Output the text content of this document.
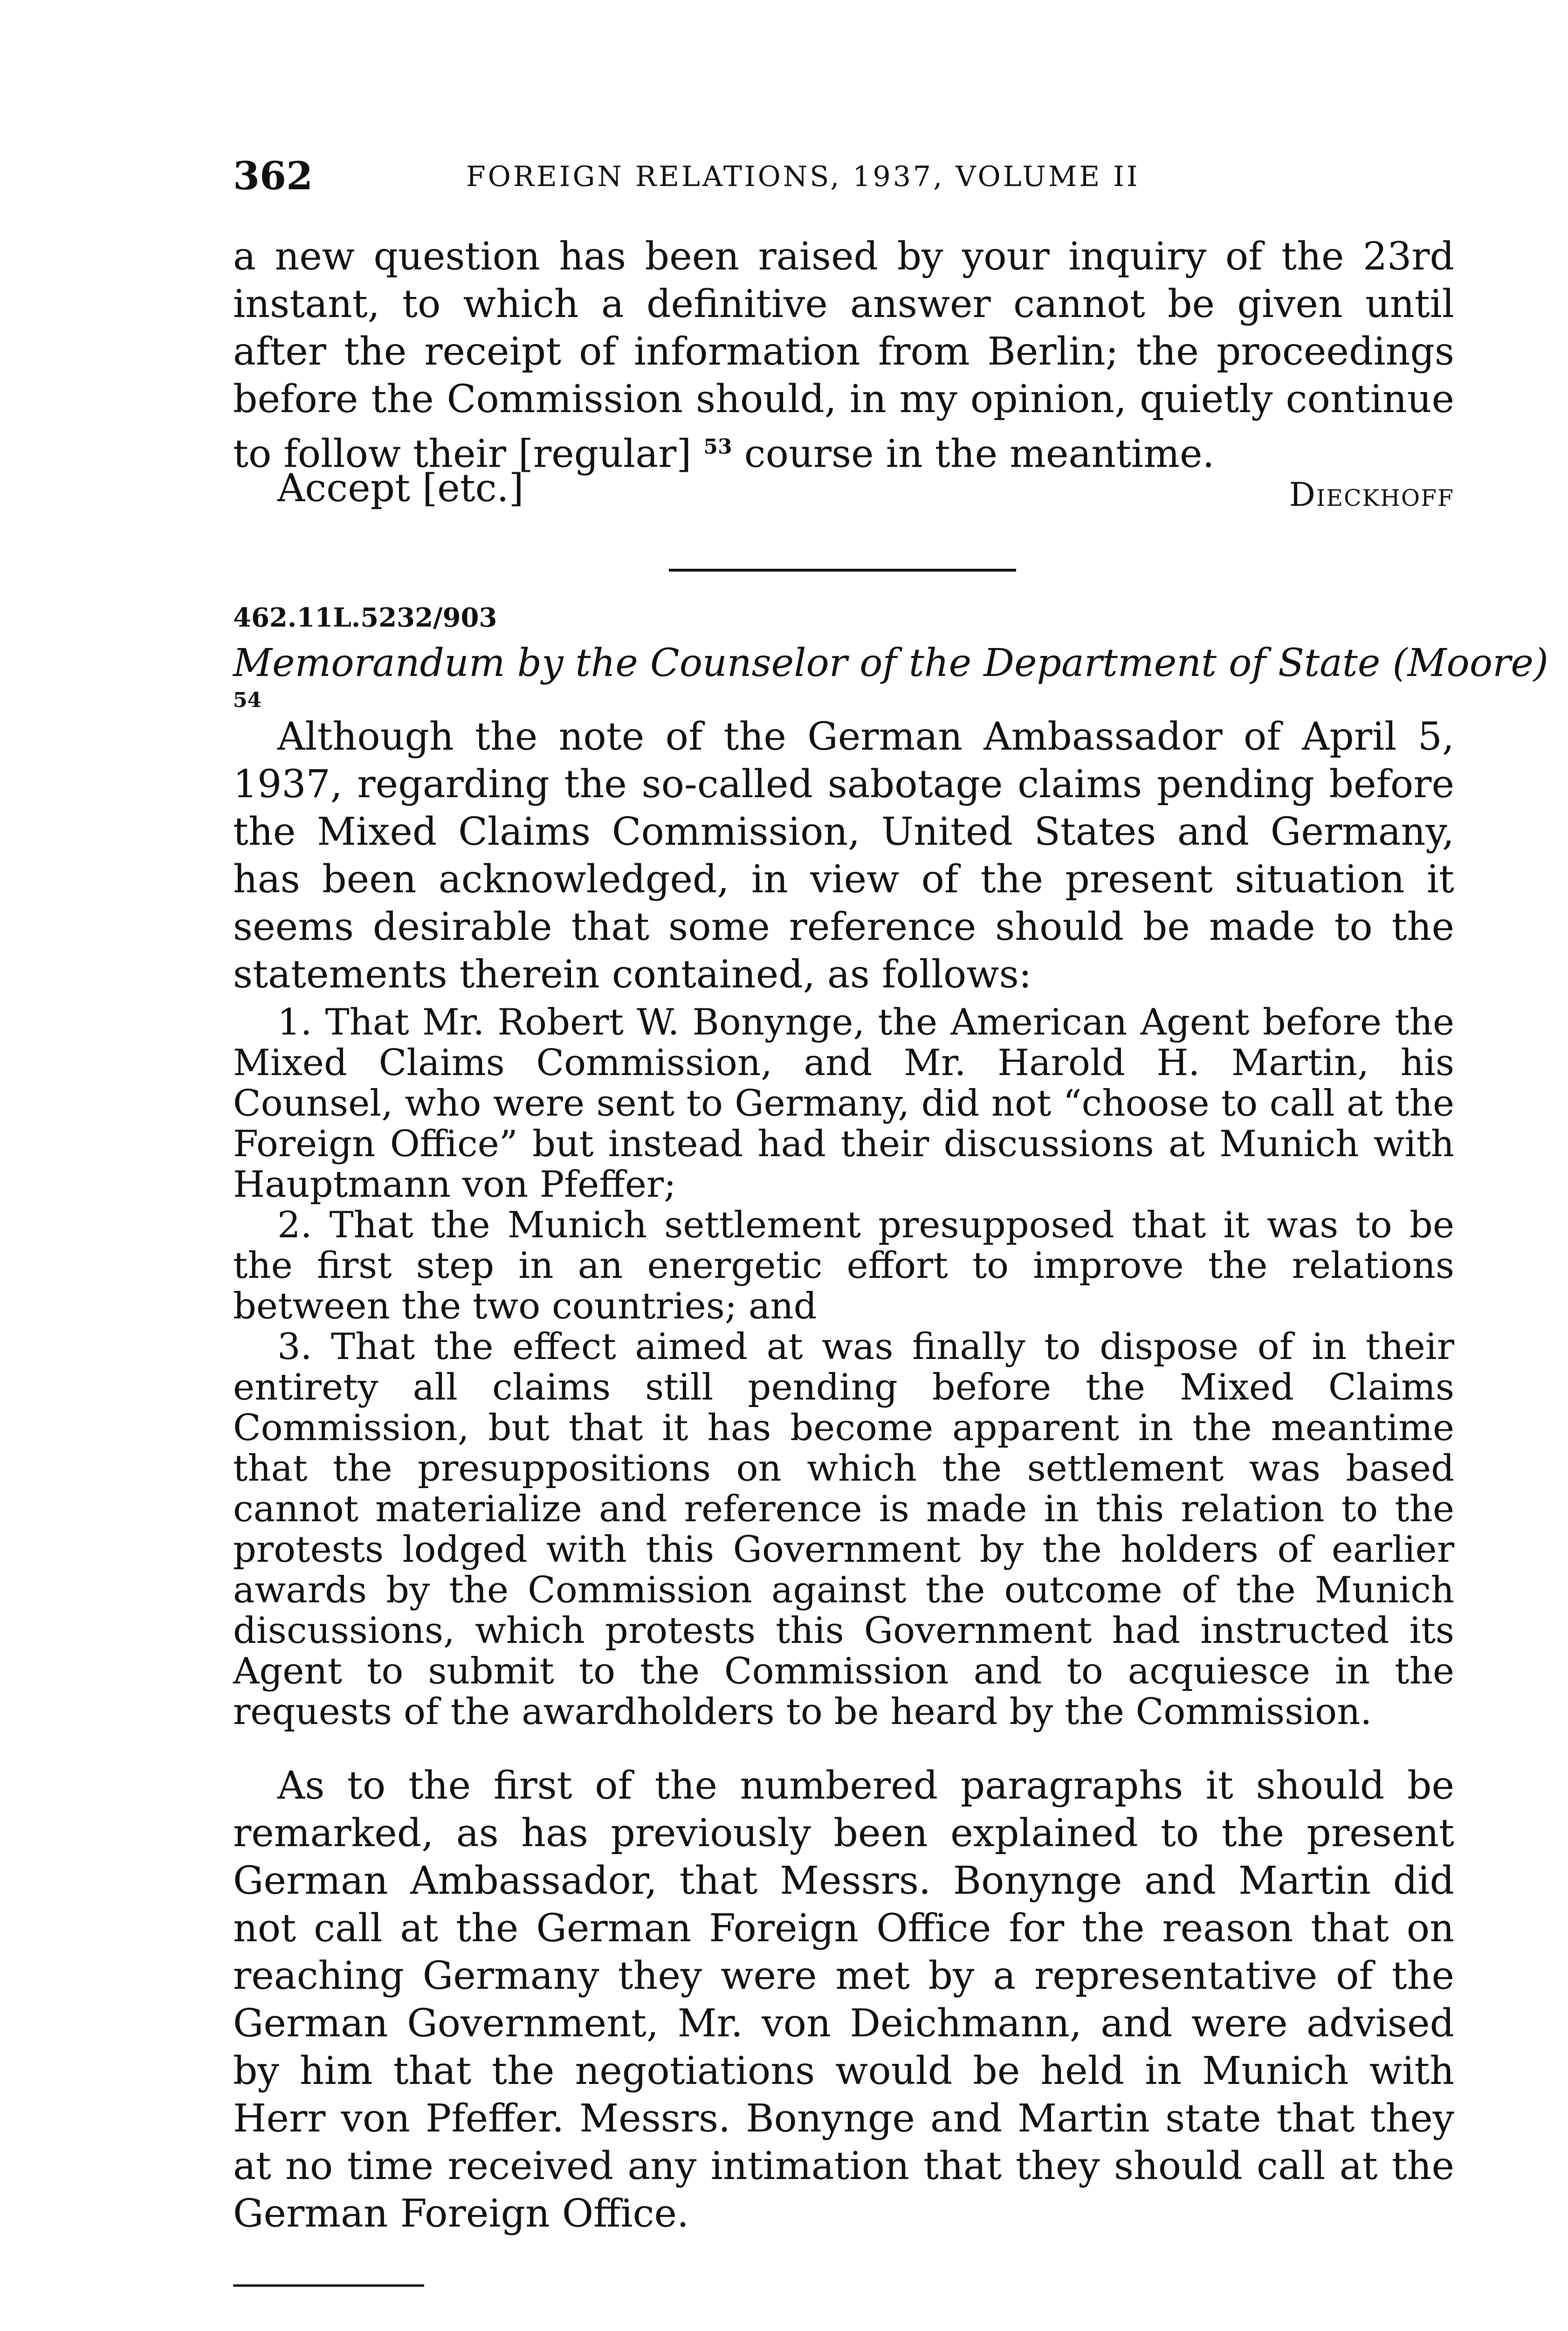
362	FOREIGN RELATIONS, 1937, VOLUME II

a new question has been raised by your inquiry of the 23rd instant, to which a definitive answer cannot be given until after the receipt of information from Berlin; the proceedings before the Commission should, in my opinion, quietly continue to follow their [regular] $^{53}$ course in the meantime.

Accept [etc.]	Dieckhoff
462.11L.5232/903
Memorandum by the Counselor of the Department of State (Moore) $^{54}$

Although the note of the German Ambassador of April 5, 1937, regarding the so-called sabotage claims pending before the Mixed Claims Commission, United States and Germany, has been acknowledged, in view of the present situation it seems desirable that some reference should be made to the statements therein contained, as follows:

1. That Mr. Robert W. Bonynge, the American Agent before the Mixed Claims Commission, and Mr. Harold H. Martin, his Counsel, who were sent to Germany, did not “choose to call at the Foreign Office” but instead had their discussions at Munich with Hauptmann von Pfeffer;

2. That the Munich settlement presupposed that it was to be the first step in an energetic effort to improve the relations between the two countries; and

3. That the effect aimed at was finally to dispose of in their entirety all claims still pending before the Mixed Claims Commission, but that it has become apparent in the meantime that the presuppositions on which the settlement was based cannot materialize and reference is made in this relation to the protests lodged with this Government by the holders of earlier awards by the Commission against the outcome of the Munich discussions, which protests this Government had instructed its Agent to submit to the Commission and to acquiesce in the requests of the awardholders to be heard by the Commission.

As to the first of the numbered paragraphs it should be remarked, as has previously been explained to the present German Ambassador, that Messrs. Bonynge and Martin did not call at the German Foreign Office for the reason that on reaching Germany they were met by a representative of the German Government, Mr. von Deichmann, and were advised by him that the negotiations would be held in Munich with Herr von Pfeffer. Messrs. Bonynge and Martin state that they at no time received any intimation that they should call at the German Foreign Office.
